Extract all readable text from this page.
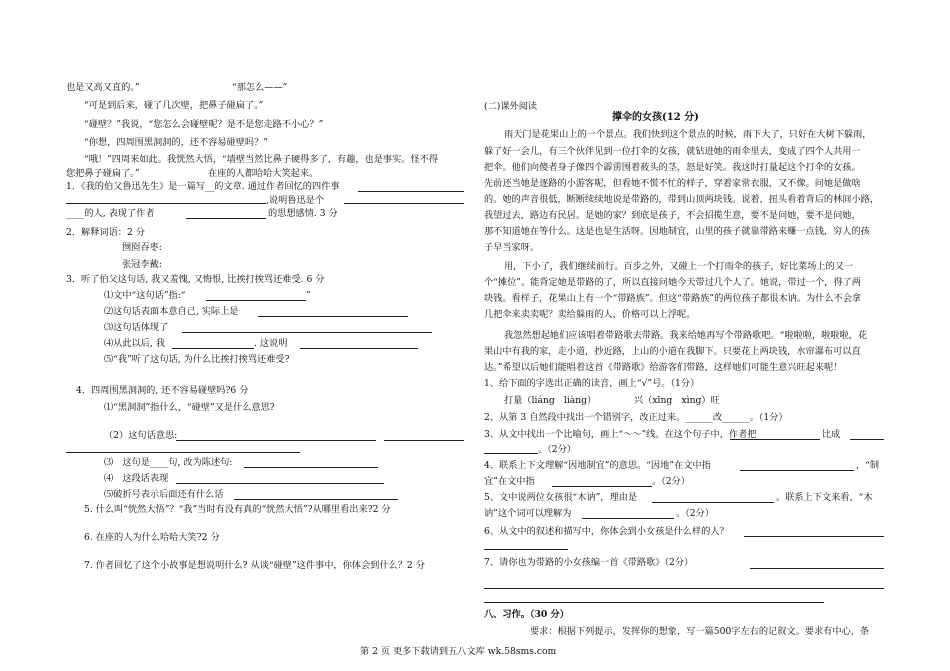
也是又高又直的。”	“那怎么——”
“可是到后来，碰了几次壁，把鼻子碰扁了。”
“碰壁？”我说，“您怎么会碰壁呢？是不是您走路不小心？”
“你想，四周围黑洞洞的，还不容易碰壁吗？”
“哦！”四周来如此。我恍然大悟，“墙壁当然比鼻子硬得多了，有趣，也是事实。怪不得
您把鼻子碰扁了。”	在座的人都哈哈大笑起来。
1．《我的伯父鲁迅先生》是一篇写__的文章. 通过作者回忆的四件事
,说明鲁迅是个
____的人, 表现了作者	的思想感情. 3 分
2．解释词语：2 分
囫囵吞枣:
张冠李戴:
3．听了伯父这句话, 我又羞愧, 又悔恨, 比挨打挨骂还难受. 6 分
⑴文中“这句话”指:“	”
⑵这句话表面本意自己, 实际上是
⑶这句话体现了
⑷从此以后, 我	. 这说明
⑸“我”听了这句话, 为什么比挨打挨骂还难受?
4．四周围黑洞洞的, 还不容易碰壁吗?6 分
⑴“黑洞洞”指什么，“碰壁”又是什么意思?
（2）这句话意思:
⑶　这句是____句, 改为陈述句:
⑷　这段话表现
⑸破折号表示后面还有什么话
5. 什么叫“恍然大悟”？“我”当时有没有真的“恍然大悟”?从哪里看出来?2 分
6. 在座的人为什么哈哈大笑?2 分
7. 作者回忆了这个小故事是想说明什么? 从谈“碰壁”这件事中，你体会到什么？2 分
(二)课外阅读
撑伞的女孩(12 分)
雨天门是花果山上的一个景点。我们快到这个景点的时候，雨下大了，只好在大树下躲雨，
躲了好一会儿，有三个伙伴见到一位打伞的女孩，就钻进她的雨伞里去，变成了四个人共用一
把伞。他们向傻者身子像四个霹雳围着莜头的茎，怒是好笑。我这时打量起这个打伞的女孩。
先前还当她是逐路的小游客呢，但看她不慌不忙的样子，穿着家常衣服，又不像。问她是做啥
的。她的声音很低，断断续续地说是带路的，带到山顶两块钱。说着，扭头看着背后的林间小路，
我望过去，路边有民居。是她的家？到底是孩子，不会招揽生意，要不是问她，要不是问她，
那不知道她在等什么。这是也是生活呀。因地制宜，山里的孩子就靠带路来赚一点钱，穷人的孩
子早当家呀。
用，下小了，我们继续前行。百步之外，又碰上一个打雨伞的孩子，好比菜场上的又一
个“摊位”。能背定她是带路的了，所以直接问她今天带过几个人了。她说，带过一个，得了两
块钱。看样子，花果山上有一个“带路族”。但这“带路族”的两位孩子都很木讷。为什么不会拿
几把伞来卖卖呢？卖给躲雨的人，价格可以上浮呢。
我忽然想起她们应该唱着带路歌去带路。我来给她再写个带路歌吧。“啦啦啦，啦啦啦，花
果山中有我的家，走小道，抄近路，上山的小道在我脚下。只要花上两块钱，水帘瀑布可以直
达。”希望以后她们能唱着这首《带路歌》给游客们带路，这样她们可能生意兴旺起来呢！
1、给下面的字选出正确的读音，画上“√”号。（1分）
打量（liáng　liàng）	兴（xīng　xìng）旺
2、从第 3 自然段中找出一个错别字，改正过来。______改______。（1分）
3、从文中找出一个比喻句，画上“～～”线。在这个句子中，作者把	比成
。（2分）
4、联系上下文理解“因地制宜”的意思。“因地”在文中指	，“制
宜”在文中指	。（2分）
5、文中说两位女孩很“木讷”，理由是	。联系上下文来看，“木
讷”这个词可以理解为	。（2分）
6、从文中的叙述和描写中，你体会到小女孩是什么样的人？
7、请你也为带路的小女孩编一首《带路歌》（2分）
八、习作。（30 分）
要求：根据下列提示，发挥你的想象，写一篇500字左右的记叙文。要求有中心，条
第 2 页 更多下载请到五八文库 wk.58sms.com
